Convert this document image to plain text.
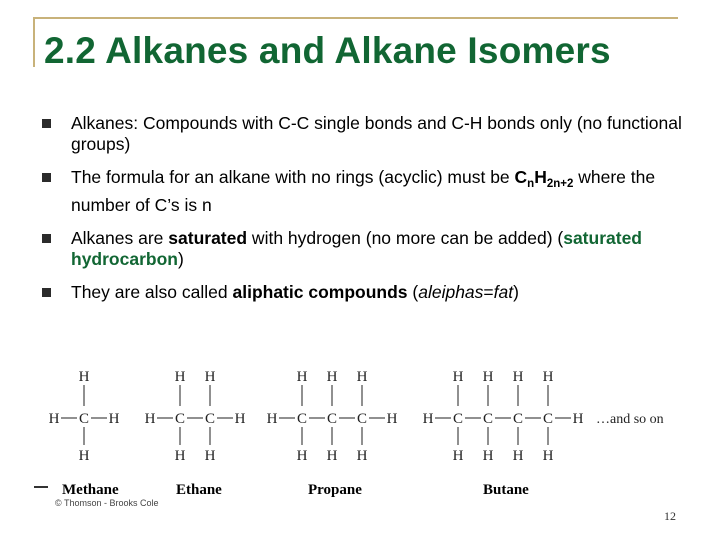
2.2 Alkanes and Alkane Isomers
Alkanes: Compounds with C-C single bonds and C-H bonds only (no functional groups)
The formula for an alkane with no rings (acyclic) must be $C_nH_{2n+2}$ where the number of C’s is n
Alkanes are saturated with hydrogen (no more can be added) (saturated hydrocarbon)
They are also called aliphatic compounds (aleiphas=fat)
H C
H
H
H H C
H
H
C
H
H
H H C
H
H
C
H
H
C
H
H
H H C
H
H
C
H
H
C
H
H
C
H
H
H …and so on
Methane	Ethane	Propane	Butane
© Thomson - Brooks Cole
12
